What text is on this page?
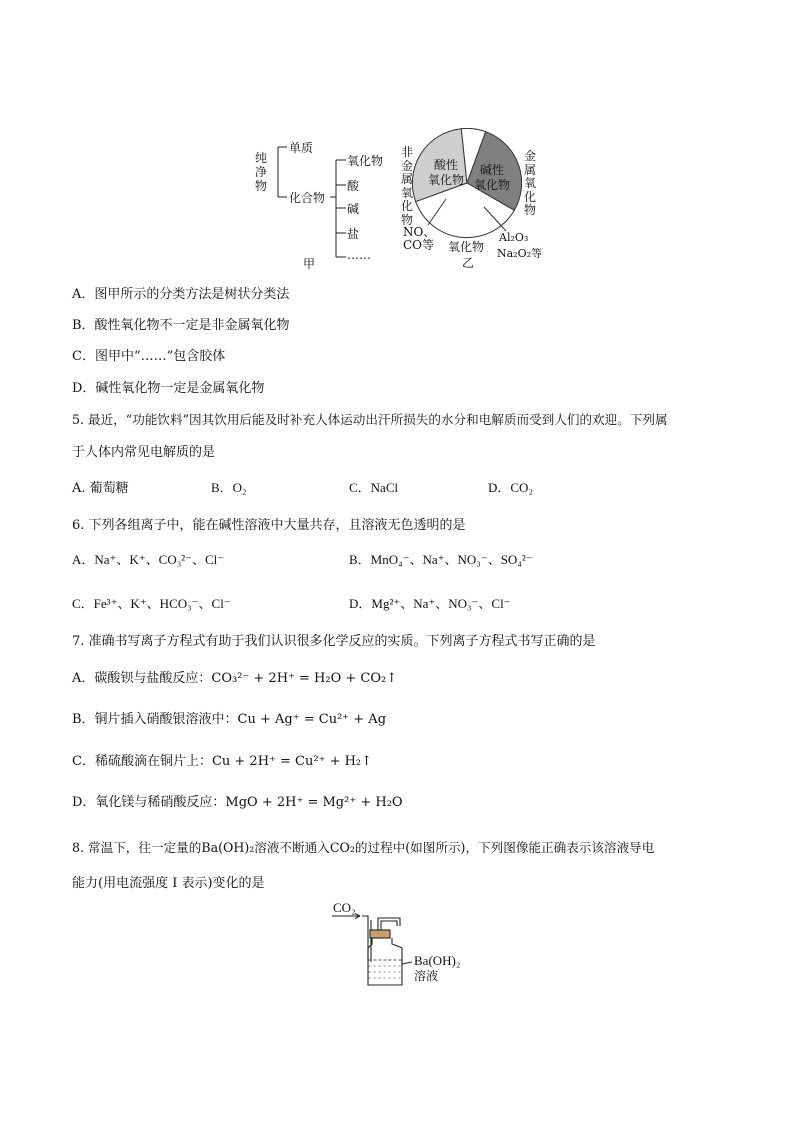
纯
净
物
单质
化合物
氧化物
酸
碱
盐
……
甲
酸性
氧化物
碱性
氧化物
非
金
属
氧
化
物
金
属
氧
化
物
NO、
CO等 氧化物
乙
Al₂O₃
Na₂O₂等
A．图甲所示的分类方法是树状分类法
B．酸性氧化物不一定是非金属氧化物
C．图甲中“……”包含胶体
D．碱性氧化物一定是金属氧化物
5. 最近，“功能饮料”因其饮用后能及时补充人体运动出汗所损失的水分和电解质而受到人们的欢迎。下列属
于人体内常见电解质的是
A. 葡萄糖	B．O₂	C．NaCl	D．CO₂
6. 下列各组离子中，能在碱性溶液中大量共存，且溶液无色透明的是
A．Na⁺、K⁺、CO₃²⁻、Cl⁻	B．MnO₄⁻、Na⁺、NO₃⁻、SO₄²⁻
C．Fe³⁺、K⁺、HCO₃⁻、Cl⁻	D．Mg²⁺、Na⁺、NO₃⁻、Cl⁻
7. 准确书写离子方程式有助于我们认识很多化学反应的实质。下列离子方程式书写正确的是
A．碳酸钡与盐酸反应：CO₃²⁻ + 2H⁺ = H₂O + CO₂↑
B．铜片插入硝酸银溶液中：Cu + Ag⁺ = Cu²⁺ + Ag
C．稀硫酸滴在铜片上：Cu + 2H⁺ = Cu²⁺ + H₂↑
D．氧化镁与稀硝酸反应：MgO + 2H⁺ = Mg²⁺ + H₂O
8. 常温下，往一定量的Ba(OH)₂溶液不断通入CO₂的过程中(如图所示)，下列图像能正确表示该溶液导电
能力(用电流强度 I 表示)变化的是
CO₂
Ba(OH)₂
溶液
